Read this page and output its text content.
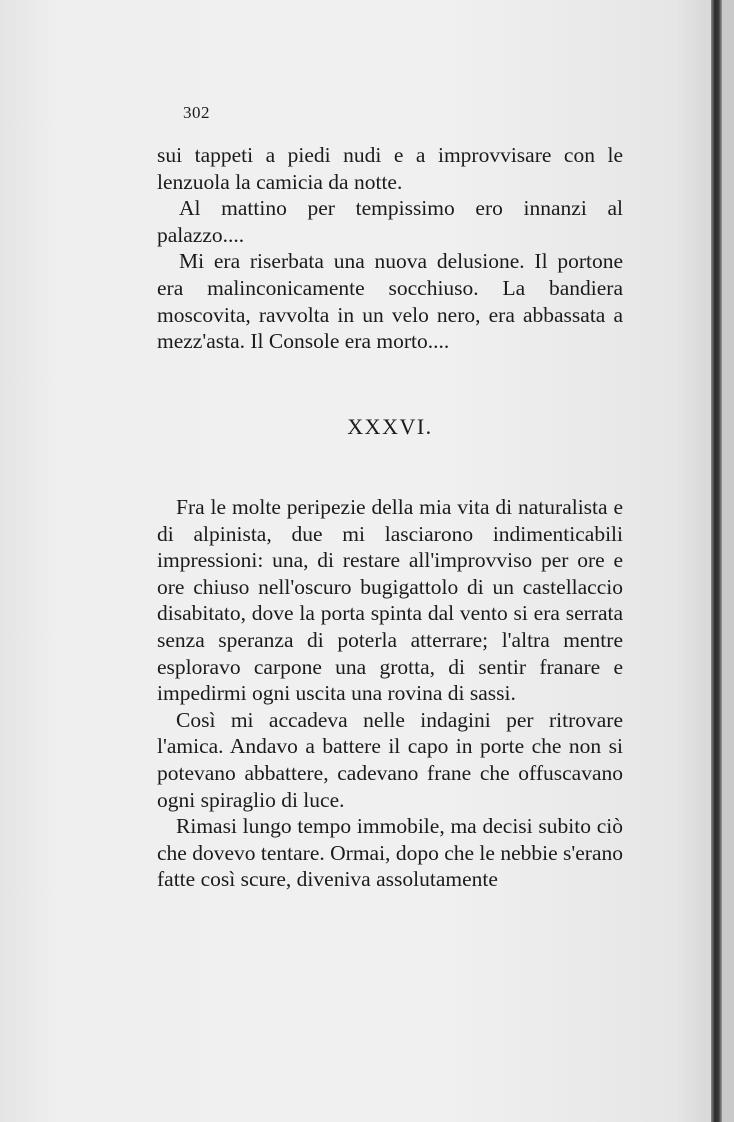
302

sui tappeti a piedi nudi e a improvvisare con le lenzuola la camicia da notte.

Al mattino per tempissimo ero innanzi al palazzo....

Mi era riserbata una nuova delusione. Il portone era malinconicamente socchiuso. La bandiera moscovita, ravvolta in un velo nero, era abbassata a mezz'asta. Il Console era morto....

XXXVI.

Fra le molte peripezie della mia vita di naturalista e di alpinista, due mi lasciarono indimenticabili impressioni: una, di restare all'improvviso per ore e ore chiuso nell'oscuro bugigattolo di un castellaccio disabitato, dove la porta spinta dal vento si era serrata senza speranza di poterla atterrare; l'altra mentre esploravo carpone una grotta, di sentir franare e impedirmi ogni uscita una rovina di sassi.

Così mi accadeva nelle indagini per ritrovare l'amica. Andavo a battere il capo in porte che non si potevano abbattere, cadevano frane che offuscavano ogni spiraglio di luce.

Rimasi lungo tempo immobile, ma decisi subito ciò che dovevo tentare. Ormai, dopo che le nebbie s'erano fatte così scure, diveniva assolutamente
